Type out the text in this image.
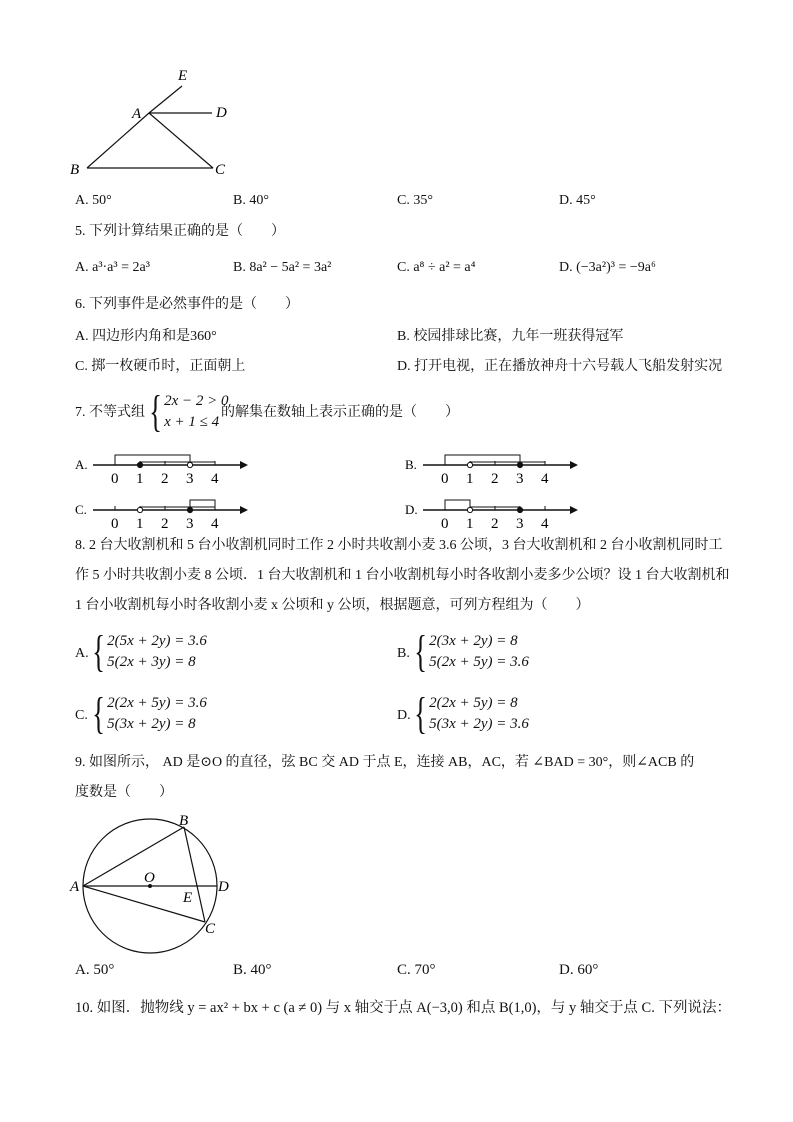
E
A	D
B	C
A. 50°	B. 40°	C. 35°	D. 45°
5. 下列计算结果正确的是（　　）
A. a³·a³ = 2a³	B. 8a² − 5a² = 3a²	C. a⁸ ÷ a² = a⁴	D. (−3a²)³ = −9a⁶
6. 下列事件是必然事件的是（　　）
A. 四边形内角和是360°	B. 校园排球比赛，九年一班获得冠军
C. 掷一枚硬币时，正面朝上	D. 打开电视，正在播放神舟十六号载人飞船发射实况
7. 不等式组 { 2x − 2 > 0
x + 1 ≤ 4
的解集在数轴上表示正确的是（　　）
A.
0 1 2 3 4
B.
0 1 2 3 4
C.
0 1 2 3 4
D.
0 1 2 3 4
8. 2 台大收割机和 5 台小收割机同时工作 2 小时共收割小麦 3.6 公顷，3 台大收割机和 2 台小收割机同时工
作 5 小时共收割小麦 8 公顷．1 台大收割机和 1 台小收割机每小时各收割小麦多少公顷？设 1 台大收割机和
1 台小收割机每小时各收割小麦 x 公顷和 y 公顷，根据题意，可列方程组为（　　）
A. { 2(5x + 2y) = 3.6
5(2x + 3y) = 8
B. { 2(3x + 2y) = 8
5(2x + 5y) = 3.6
C. { 2(2x + 5y) = 3.6
5(3x + 2y) = 8
D. { 2(2x + 5y) = 8
5(3x + 2y) = 3.6
9. 如图所示， AD 是⊙O 的直径，弦 BC 交 AD 于点 E，连接 AB，AC，若 ∠BAD = 30°，则∠ACB 的
度数是（　　）
B
A
O
D
E
C
A. 50°	B. 40°	C. 70°	D. 60°
10. 如图．抛物线 y = ax² + bx + c (a ≠ 0) 与 x 轴交于点 A(−3,0) 和点 B(1,0)，与 y 轴交于点 C. 下列说法：
